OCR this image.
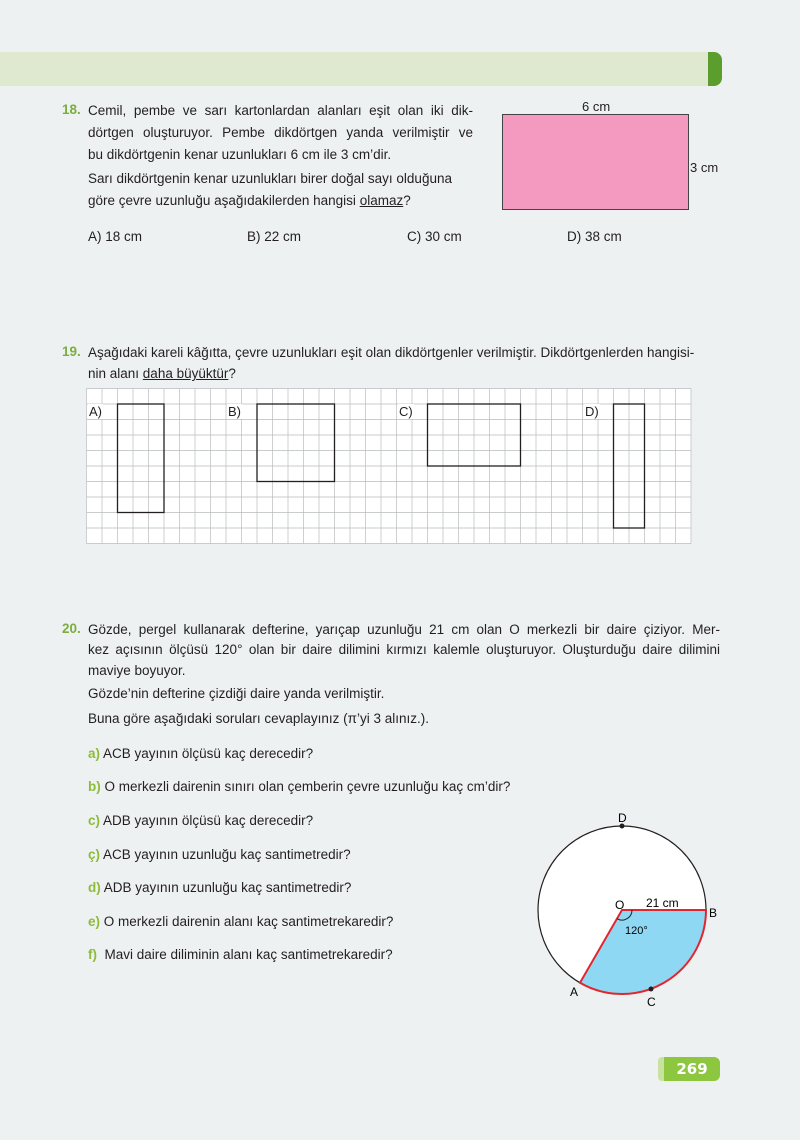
18. Cemil, pembe ve sarı kartonlardan alanları eşit olan iki dik-
dörtgen oluşturuyor. Pembe dikdörtgen yanda verilmiştir ve
bu dikdörtgenin kenar uzunlukları 6 cm ile 3 cm’dir.
Sarı dikdörtgenin kenar uzunlukları birer doğal sayı olduğuna
göre çevre uzunluğu aşağıdakilerden hangisi olamaz?
6 cm
3 cm
A) 18 cm	B) 22 cm	C) 30 cm	D) 38 cm
19. Aşağıdaki kareli kâğıtta, çevre uzunlukları eşit olan dikdörtgenler verilmiştir. Dikdörtgenlerden hangisi-
nin alanı daha büyüktür?
A)	B)	C)	D)
20. Gözde, pergel kullanarak defterine, yarıçap uzunluğu 21 cm olan O merkezli bir daire çiziyor. Mer-
kez açısının ölçüsü 120° olan bir daire dilimini kırmızı kalemle oluşturuyor. Oluşturduğu daire dilimini
maviye boyuyor.
Gözde’nin defterine çizdiği daire yanda verilmiştir.
Buna göre aşağıdaki soruları cevaplayınız (π’yi 3 alınız.).
a) ACB yayının ölçüsü kaç derecedir?
b) O merkezli dairenin sınırı olan çemberin çevre uzunluğu kaç cm’dir?
c) ADB yayının ölçüsü kaç derecedir?
ç) ACB yayının uzunluğu kaç santimetredir?
d) ADB yayının uzunluğu kaç santimetredir?
e) O merkezli dairenin alanı kaç santimetrekaredir?
f) Mavi daire diliminin alanı kaç santimetrekaredir?
D
O 21 cm
B
120°
A
C
269
